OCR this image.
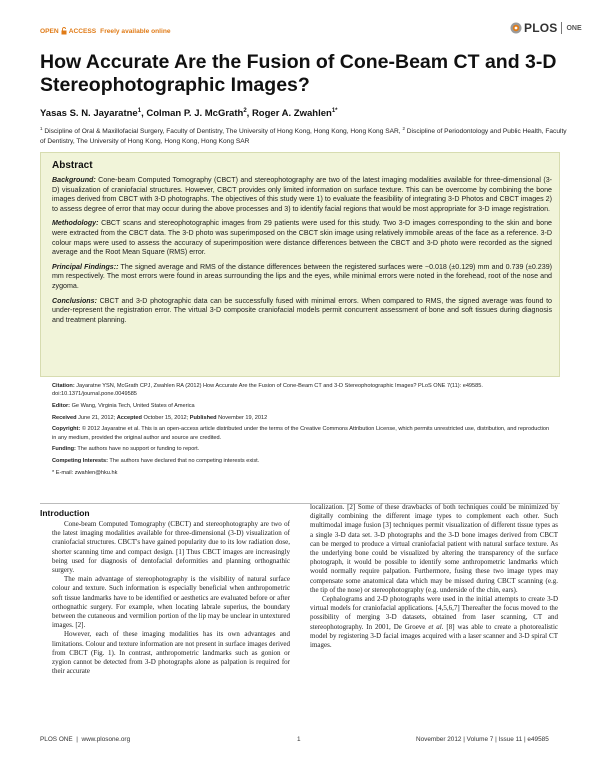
OPEN ACCESS Freely available online	PLOS ONE
How Accurate Are the Fusion of Cone-Beam CT and 3-D Stereophotographic Images?
Yasas S. N. Jayaratne$^1$, Colman P. J. McGrath$^2$, Roger A. Zwahlen$^{1*}$
$^1$ Discipline of Oral & Maxillofacial Surgery, Faculty of Dentistry, The University of Hong Kong, Hong Kong, Hong Kong SAR, $^2$ Discipline of Periodontology and Public Health, Faculty of Dentistry, The University of Hong Kong, Hong Kong, Hong Kong SAR
Abstract

Background: Cone-beam Computed Tomography (CBCT) and stereophotography are two of the latest imaging modalities available for three-dimensional (3-D) visualization of craniofacial structures. However, CBCT provides only limited information on surface texture. This can be overcome by combining the bone images derived from CBCT with 3-D photographs. The objectives of this study were 1) to evaluate the feasibility of integrating 3-D Photos and CBCT images 2) to assess degree of error that may occur during the above processes and 3) to identify facial regions that would be most appropriate for 3-D image registration.

Methodology: CBCT scans and stereophotographic images from 29 patients were used for this study. Two 3-D images corresponding to the skin and bone were extracted from the CBCT data. The 3-D photo was superimposed on the CBCT skin image using relatively immobile areas of the face as a reference. 3-D colour maps were used to assess the accuracy of superimposition were distance differences between the CBCT and 3-D photo were recorded as the signed average and the Root Mean Square (RMS) error.

Principal Findings:: The signed average and RMS of the distance differences between the registered surfaces were −0.018 (±0.129) mm and 0.739 (±0.239) mm respectively. The most errors were found in areas surrounding the lips and the eyes, while minimal errors were noted in the forehead, root of the nose and zygoma.

Conclusions: CBCT and 3-D photographic data can be successfully fused with minimal errors. When compared to RMS, the signed average was found to under-represent the registration error. The virtual 3-D composite craniofacial models permit concurrent assessment of bone and soft tissues during diagnosis and treatment planning.

Citation: Jayaratne YSN, McGrath CPJ, Zwahlen RA (2012) How Accurate Are the Fusion of Cone-Beam CT and 3-D Stereophotographic Images? PLoS ONE 7(11): e49585. doi:10.1371/journal.pone.0049585

Editor: Ge Wang, Virginia Tech, United States of America

Received June 21, 2012; Accepted October 15, 2012; Published November 19, 2012

Copyright: © 2012 Jayaratne et al. This is an open-access article distributed under the terms of the Creative Commons Attribution License, which permits unrestricted use, distribution, and reproduction in any medium, provided the original author and source are credited.

Funding: The authors have no support or funding to report.

Competing Interests: The authors have declared that no competing interests exist.

* E-mail: zwahlen@hku.hk

Introduction

Cone-beam Computed Tomography (CBCT) and stereophotography are two of the latest imaging modalities available for three-dimensional (3-D) visualization of craniofacial structures. CBCT's have gained popularity due to its low radiation dose, shorter scanning time and compact design. [1] Thus CBCT images are increasingly being used for diagnosis of dentofacial deformities and planning orthognathic surgery.

The main advantage of stereophotography is the visibility of natural surface colour and texture. Such information is especially beneficial when anthropometric soft tissue landmarks have to be identified or aesthetics are evaluated before or after orthognathic surgery. For example, when locating labrale superius, the boundary between the cutaneous and vermilion portion of the lip may be unclear in untextured images. [2].

However, each of these imaging modalities has its own advantages and limitations. Colour and texture information are not present in surface images derived from CBCT (Fig. 1). In contrast, anthropometric landmarks such as gonion or zygion cannot be detected from 3-D photographs alone as palpation is required for their accurate

localization. [2] Some of these drawbacks of both techniques could be minimized by digitally combining the different image types to complement each other. Such multimodal image fusion [3] techniques permit visualization of different tissue types as a single 3-D data set. 3-D photographs and the 3-D bone images derived from CBCT can be merged to produce a virtual craniofacial patient with natural surface texture. As the underlying bone could be visualized by altering the transparency of the surface photograph, it would be possible to identify some anthropometric landmarks which would normally require palpation. Furthermore, fusing these two image types may compensate some anatomical data which may be missed during CBCT scanning (e.g. the tip of the nose) or stereophotography (e.g. underside of the chin, ears).

Cephalograms and 2-D photographs were used in the initial attempts to create 3-D virtual models for craniofacial applications. [4,5,6,7] Thereafter the focus moved to the possibility of merging 3-D datasets, obtained from laser scanning, CT and stereophotography. In 2001, De Groeve et al. [8] was able to create a photorealistic model by registering 3-D facial images acquired with a laser scanner and 3-D spiral CT images.

PLOS ONE  |  www.plosone.org	1	November 2012 | Volume 7 | Issue 11 | e49585
